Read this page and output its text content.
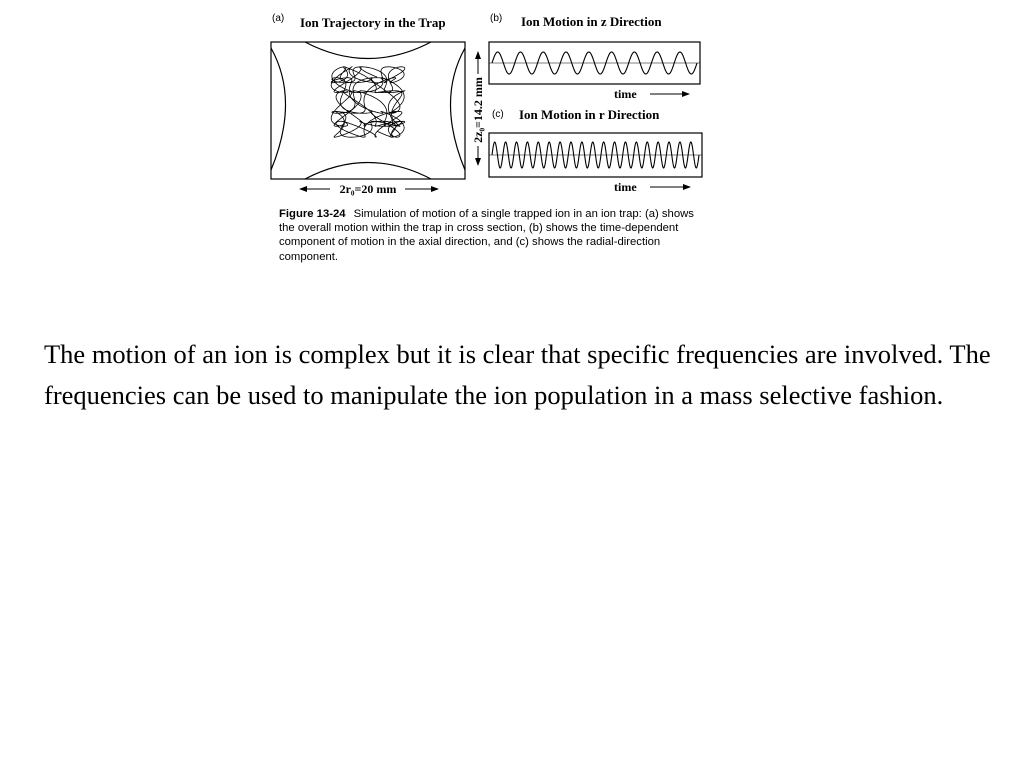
(a) Ion Trajectory in the Trap
2r₀=20 mm
2z₀=14.2 mm
(b) Ion Motion in z Direction
time
(c) Ion Motion in r Direction
time
Figure 13-24 Simulation of motion of a single trapped ion in an ion trap: (a) shows the overall motion within the trap in cross section, (b) shows the time-dependent component of motion in the axial direction, and (c) shows the radial-direction component.

The motion of an ion is complex but it is clear that specific frequencies are involved. The frequencies can be used to manipulate the ion population in a mass selective fashion.
